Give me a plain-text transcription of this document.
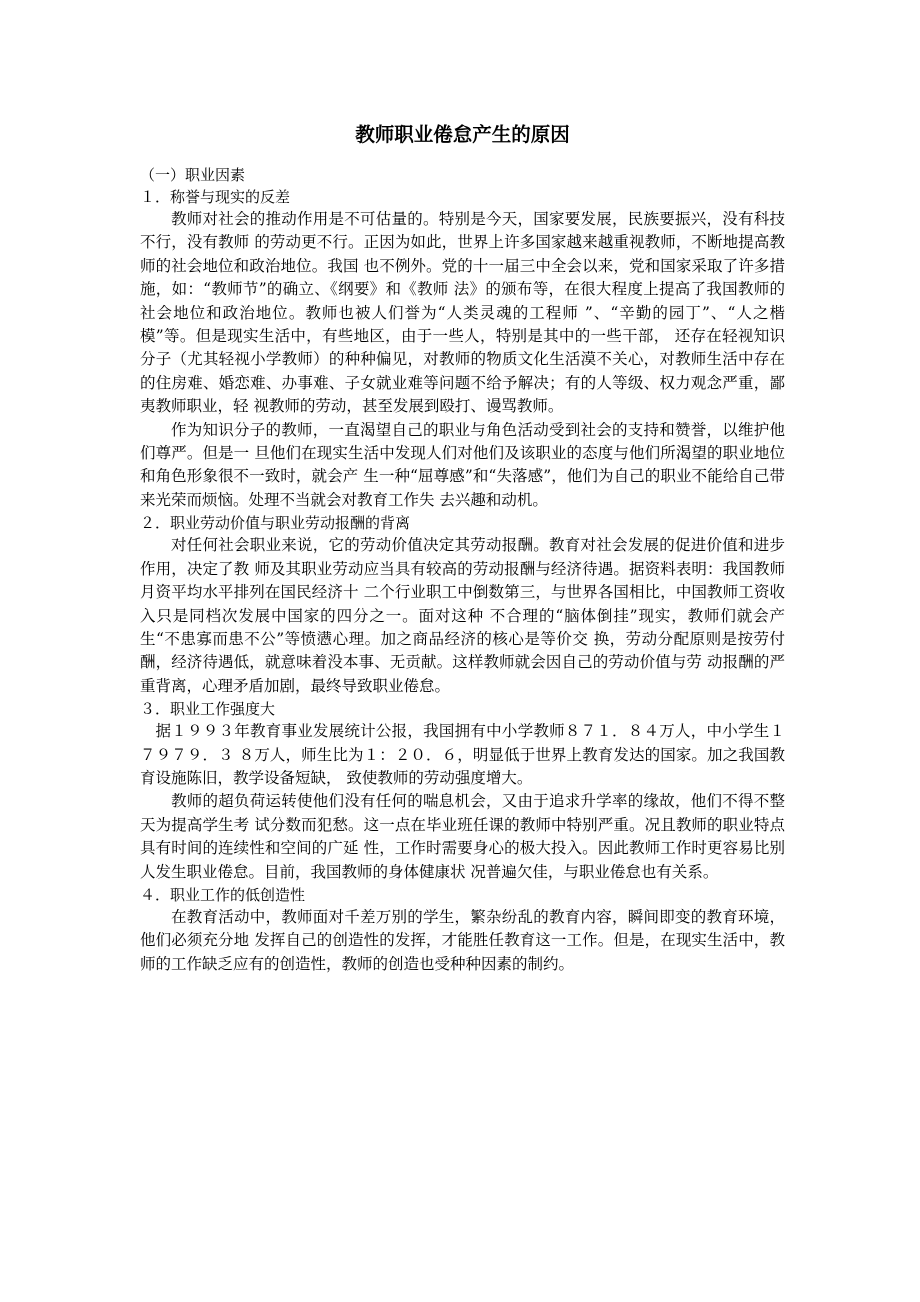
教师职业倦怠产生的原因
（一）职业因素
１．称誉与现实的反差

教师对社会的推动作用是不可估量的。特别是今天，国家要发展，民族要振兴，没有科技不行，没有教师 的劳动更不行。正因为如此，世界上许多国家越来越重视教师，不断地提高教师的社会地位和政治地位。我国 也不例外。党的十一届三中全会以来，党和国家采取了许多措施，如：“教师节”的确立、《纲要》和《教师 法》的颁布等，在很大程度上提高了我国教师的社会地位和政治地位。教师也被人们誉为“人类灵魂的工程师 ”、“辛勤的园丁”、“人之楷模”等。但是现实生活中，有些地区，由于一些人，特别是其中的一些干部， 还存在轻视知识分子（尤其轻视小学教师）的种种偏见，对教师的物质文化生活漠不关心，对教师生活中存在 的住房难、婚恋难、办事难、子女就业难等问题不给予解决；有的人等级、权力观念严重，鄙夷教师职业，轻 视教师的劳动，甚至发展到殴打、谩骂教师。

作为知识分子的教师，一直渴望自己的职业与角色活动受到社会的支持和赞誉，以维护他们尊严。但是一 旦他们在现实生活中发现人们对他们及该职业的态度与他们所渴望的职业地位和角色形象很不一致时，就会产 生一种“屈尊感”和“失落感”，他们为自己的职业不能给自己带来光荣而烦恼。处理不当就会对教育工作失 去兴趣和动机。

２．职业劳动价值与职业劳动报酬的背离

对任何社会职业来说，它的劳动价值决定其劳动报酬。教育对社会发展的促进价值和进步作用，决定了教 师及其职业劳动应当具有较高的劳动报酬与经济待遇。据资料表明：我国教师月资平均水平排列在国民经济十 二个行业职工中倒数第三，与世界各国相比，中国教师工资收入只是同档次发展中国家的四分之一。面对这种 不合理的“脑体倒挂”现实，教师们就会产生“不患寡而患不公”等愤懑心理。加之商品经济的核心是等价交 换，劳动分配原则是按劳付酬，经济待遇低，就意味着没本事、无贡献。这样教师就会因自己的劳动价值与劳 动报酬的严重背离，心理矛盾加剧，最终导致职业倦怠。

３．职业工作强度大

据１９９３年教育事业发展统计公报，我国拥有中小学教师８７１．８４万人，中小学生１７９７９．３ ８万人，师生比为１：２０．６，明显低于世界上教育发达的国家。加之我国教育设施陈旧，教学设备短缺， 致使教师的劳动强度增大。

教师的超负荷运转使他们没有任何的喘息机会，又由于追求升学率的缘故，他们不得不整天为提高学生考 试分数而犯愁。这一点在毕业班任课的教师中特别严重。况且教师的职业特点具有时间的连续性和空间的广延 性，工作时需要身心的极大投入。因此教师工作时更容易比别人发生职业倦怠。目前，我国教师的身体健康状 况普遍欠佳，与职业倦怠也有关系。

４．职业工作的低创造性

在教育活动中，教师面对千差万别的学生，繁杂纷乱的教育内容，瞬间即变的教育环境，他们必须充分地 发挥自己的创造性的发挥，才能胜任教育这一工作。但是，在现实生活中，教师的工作缺乏应有的创造性，教师的创造也受种种因素的制约。
